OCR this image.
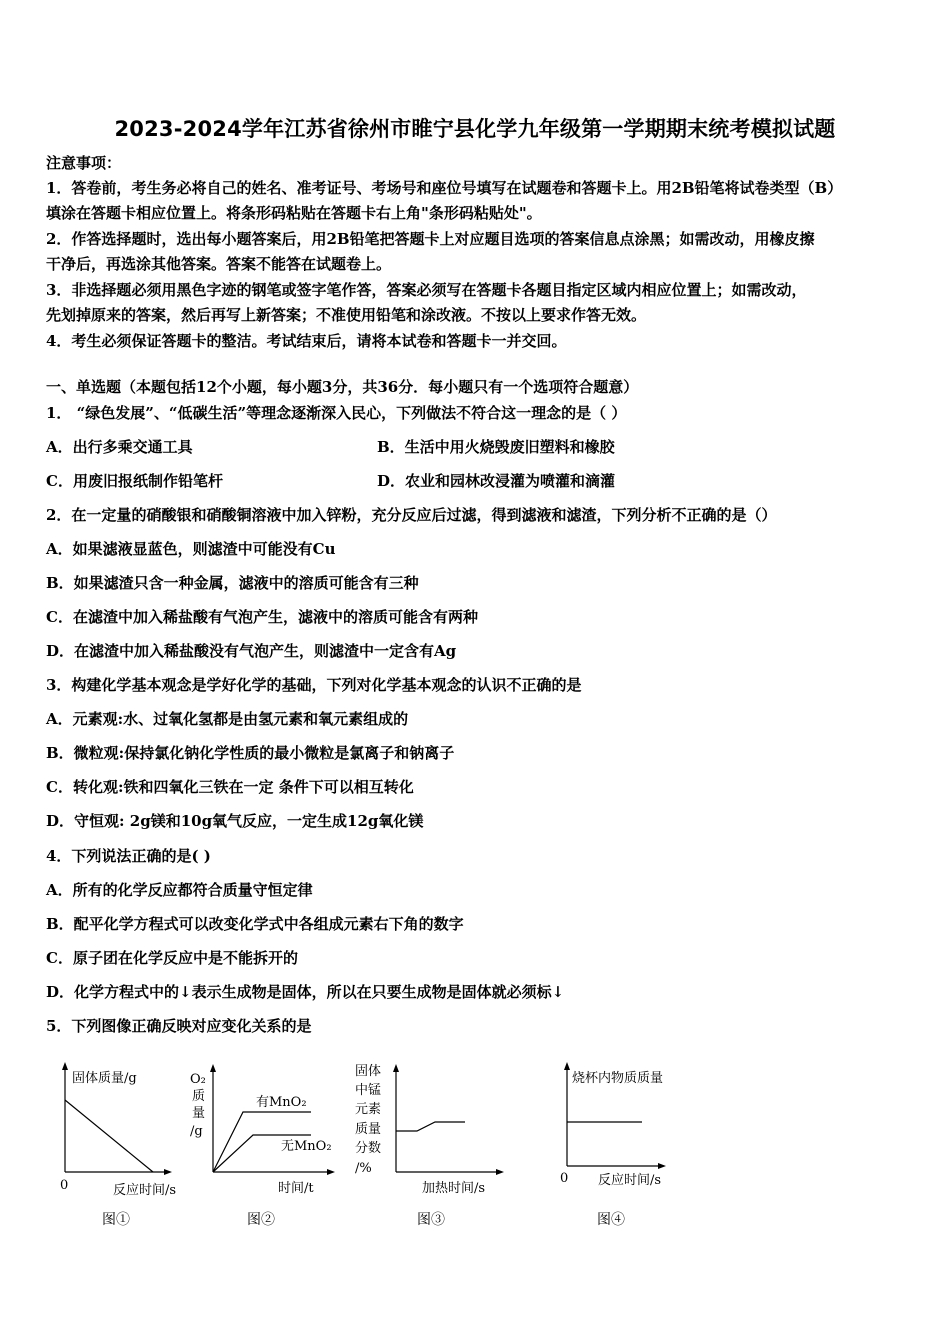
2023-2024学年江苏省徐州市睢宁县化学九年级第一学期期末统考模拟试题
注意事项：
1．答卷前，考生务必将自己的姓名、准考证号、考场号和座位号填写在试题卷和答题卡上。用2B铅笔将试卷类型（B）
填涂在答题卡相应位置上。将条形码粘贴在答题卡右上角"条形码粘贴处"。
2．作答选择题时，选出每小题答案后，用2B铅笔把答题卡上对应题目选项的答案信息点涂黑；如需改动，用橡皮擦
干净后，再选涂其他答案。答案不能答在试题卷上。
3．非选择题必须用黑色字迹的钢笔或签字笔作答，答案必须写在答题卡各题目指定区域内相应位置上；如需改动，
先划掉原来的答案，然后再写上新答案；不准使用铅笔和涂改液。不按以上要求作答无效。
4．考生必须保证答题卡的整洁。考试结束后，请将本试卷和答题卡一并交回。
一、单选题（本题包括12个小题，每小题3分，共36分．每小题只有一个选项符合题意）
1． “绿色发展”、“低碳生活”等理念逐渐深入民心，下列做法不符合这一理念的是（ ）
A．出行多乘交通工具	B．生活中用火烧毁废旧塑料和橡胶
C．用废旧报纸制作铅笔杆	D．农业和园林改浸灌为喷灌和滴灌
2．在一定量的硝酸银和硝酸铜溶液中加入锌粉，充分反应后过滤，得到滤液和滤渣，下列分析不正确的是（）
A．如果滤液显蓝色，则滤渣中可能没有Cu
B．如果滤渣只含一种金属，滤液中的溶质可能含有三种
C．在滤渣中加入稀盐酸有气泡产生，滤液中的溶质可能含有两种
D．在滤渣中加入稀盐酸没有气泡产生，则滤渣中一定含有Ag
3．构建化学基本观念是学好化学的基础，下列对化学基本观念的认识不正确的是
A．元素观:水、过氧化氢都是由氢元素和氧元素组成的
B．微粒观:保持氯化钠化学性质的最小微粒是氯离子和钠离子
C．转化观:铁和四氧化三铁在一定 条件下可以相互转化
D．守恒观: 2g镁和10g氧气反应，一定生成12g氧化镁
4．下列说法正确的是( )
A．所有的化学反应都符合质量守恒定律
B．配平化学方程式可以改变化学式中各组成元素右下角的数字
C．原子团在化学反应中是不能拆开的
D．化学方程式中的↓表示生成物是固体，所以在只要生成物是固体就必须标↓
5．下列图像正确反映对应变化关系的是
固体质量/g
0	反应时间/s
图①
O₂
质
量
/g
有MnO₂
无MnO₂
时间/t
图②
固体
中锰
元素
质量
分数
/%
加热时间/s
图③
烧杯内物质质量
0 反应时间/s
图④
